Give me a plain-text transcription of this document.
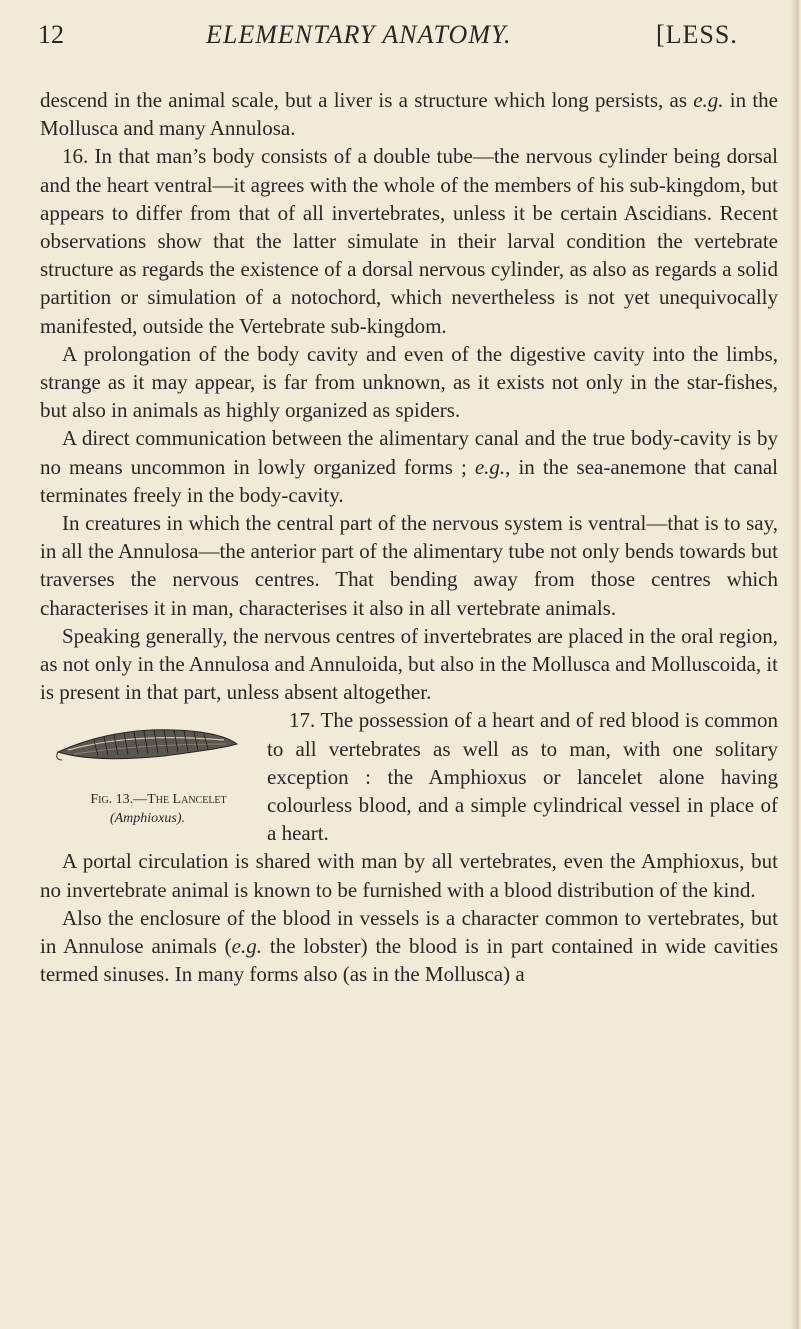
12	ELEMENTARY ANATOMY.	[LESS.

descend in the animal scale, but a liver is a structure which long persists, as e.g. in the Mollusca and many Annulosa.

16. In that man’s body consists of a double tube—the nervous cylinder being dorsal and the heart ventral—it agrees with the whole of the members of his sub-kingdom, but appears to differ from that of all invertebrates, unless it be certain Ascidians. Recent observations show that the latter simulate in their larval condition the vertebrate structure as regards the existence of a dorsal nervous cylinder, as also as regards a solid partition or simulation of a notochord, which nevertheless is not yet unequivocally manifested, outside the Vertebrate sub-kingdom.

A prolongation of the body cavity and even of the digestive cavity into the limbs, strange as it may appear, is far from unknown, as it exists not only in the star-fishes, but also in animals as highly organized as spiders.

A direct communication between the alimentary canal and the true body-cavity is by no means uncommon in lowly organized forms ; e.g., in the sea-anemone that canal terminates freely in the body-cavity.

In creatures in which the central part of the nervous system is ventral—that is to say, in all the Annulosa—the anterior part of the alimentary tube not only bends towards but traverses the nervous centres. That bending away from those centres which characterises it in man, characterises it also in all vertebrate animals.

Speaking generally, the nervous centres of invertebrates are placed in the oral region, as not only in the Annulosa and Annuloida, but also in the Mollusca and Molluscoida, it is present in that part, unless absent altogether.

Fig. 13.—The Lancelet
(Amphioxus).
17. The possession of a heart and of red blood is common to all vertebrates as well as to man, with one solitary exception : the Amphioxus or lancelet alone having colourless blood, and a simple cylindrical vessel in place of a heart.

A portal circulation is shared with man by all vertebrates, even the Amphioxus, but no invertebrate animal is known to be furnished with a blood distribution of the kind.

Also the enclosure of the blood in vessels is a character common to vertebrates, but in Annulose animals (e.g. the lobster) the blood is in part contained in wide cavities termed sinuses. In many forms also (as in the Mollusca) a
